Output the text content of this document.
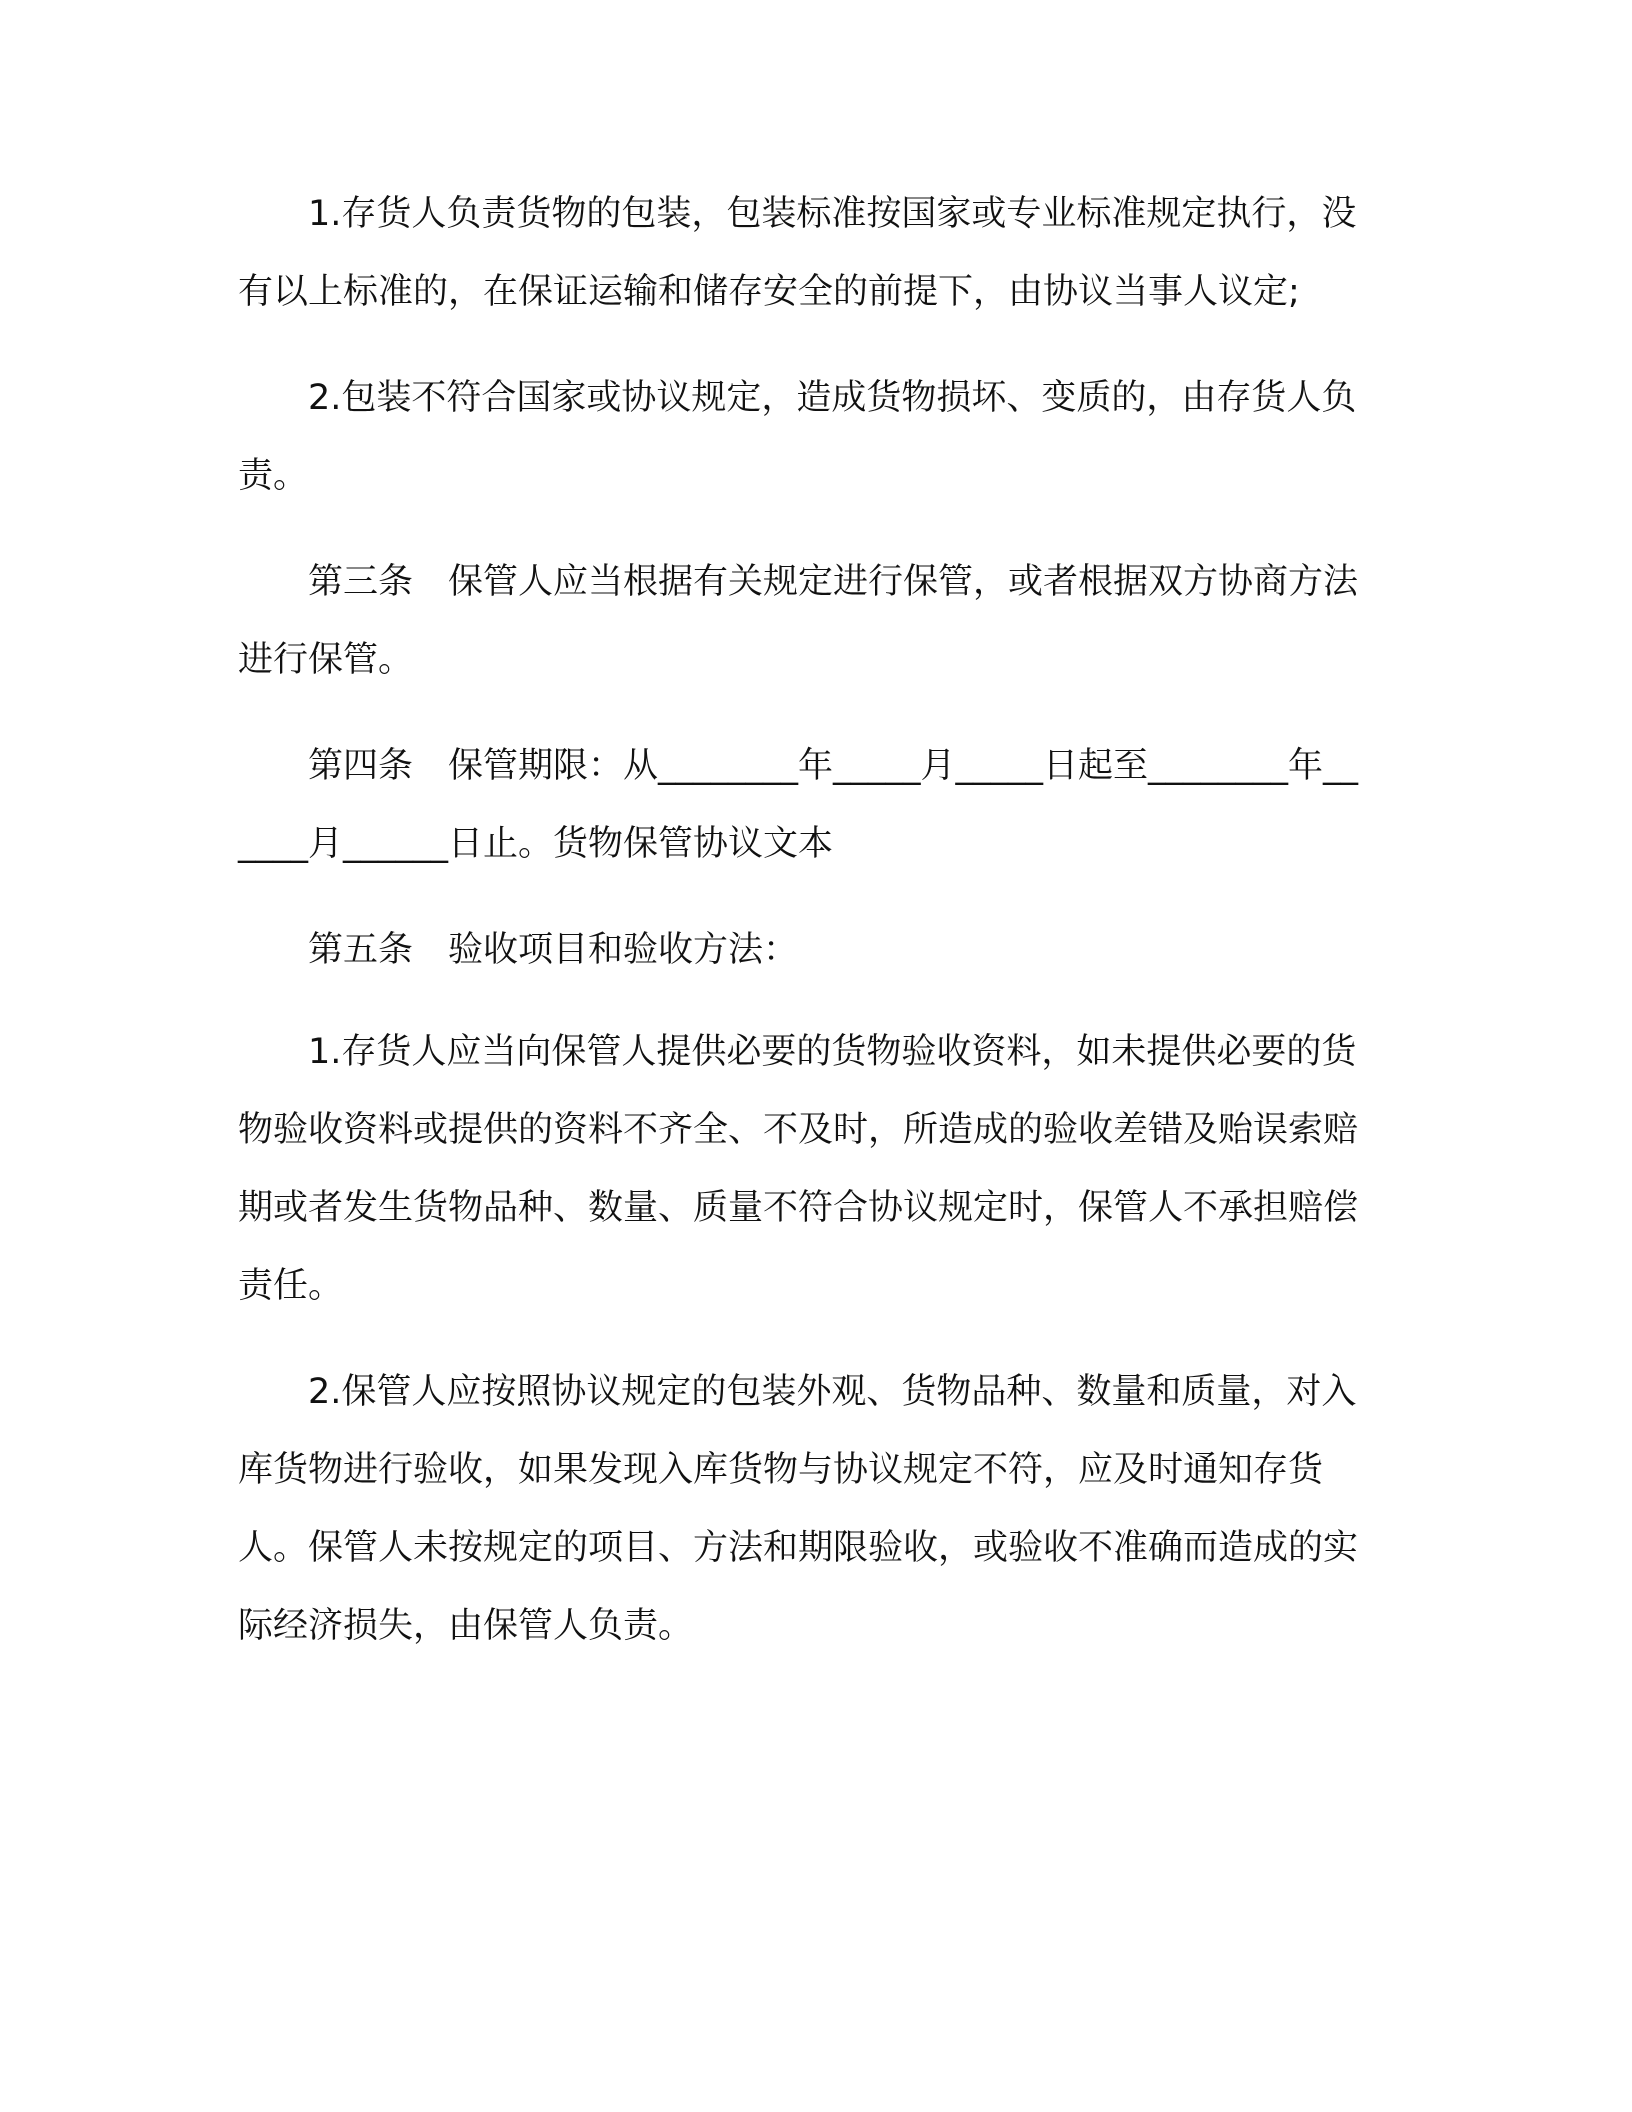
1.存货人负责货物的包装，包装标准按国家或专业标准规定执行，没有以上标准的，在保证运输和储存安全的前提下，由协议当事人议定;

2.包装不符合国家或协议规定，造成货物损坏、变质的，由存货人负责。

第三条　保管人应当根据有关规定进行保管，或者根据双方协商方法进行保管。

第四条　保管期限：从________年_____月_____日起至________年______月______日止。货物保管协议文本

第五条　验收项目和验收方法：

1.存货人应当向保管人提供必要的货物验收资料，如未提供必要的货物验收资料或提供的资料不齐全、不及时，所造成的验收差错及贻误索赔期或者发生货物品种、数量、质量不符合协议规定时，保管人不承担赔偿责任。

2.保管人应按照协议规定的包装外观、货物品种、数量和质量，对入库货物进行验收，如果发现入库货物与协议规定不符，应及时通知存货人。保管人未按规定的项目、方法和期限验收，或验收不准确而造成的实际经济损失，由保管人负责。
